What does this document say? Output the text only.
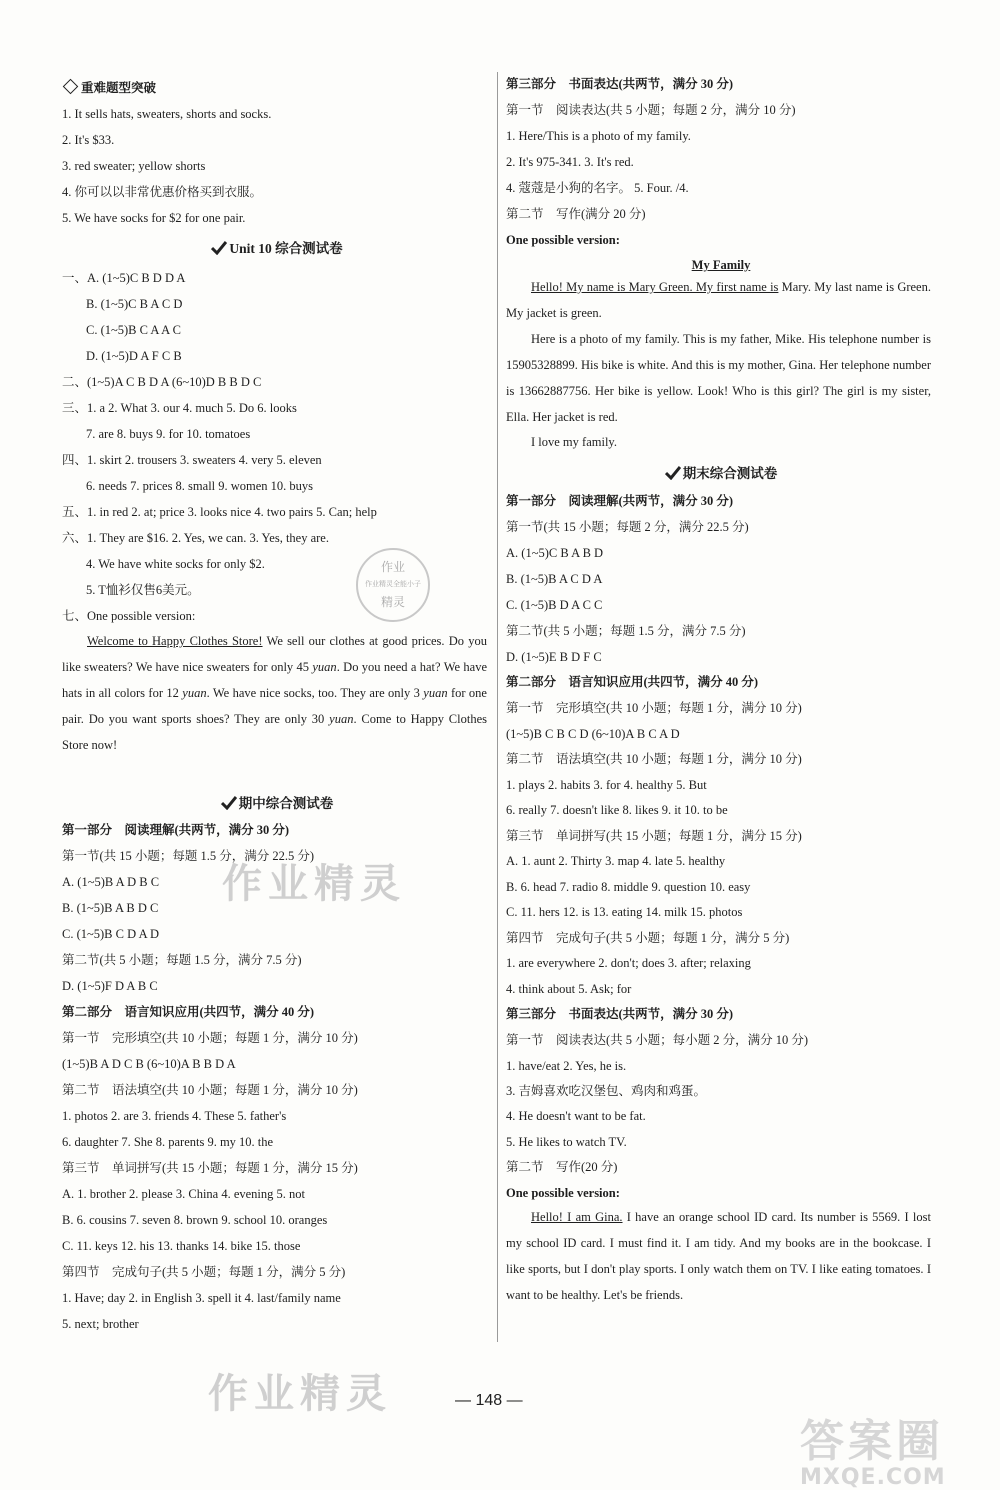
重难题型突破
1. It sells hats, sweaters, shorts and socks.
2. It's $33.
3. red sweater; yellow shorts
4. 你可以以非常优惠价格买到衣服。
5. We have socks for $2 for one pair.
Unit 10 综合测试卷
一、A. (1~5)C B D D A
B. (1~5)C B A C D
C. (1~5)B C A A C
D. (1~5)D A F C B
二、(1~5)A C B D A (6~10)D B B D C
三、1. a 2. What 3. our 4. much 5. Do 6. looks
7. are 8. buys 9. for 10. tomatoes
四、1. skirt 2. trousers 3. sweaters 4. very 5. eleven
6. needs 7. prices 8. small 9. women 10. buys
五、1. in red 2. at; price 3. looks nice 4. two pairs 5. Can; help
六、1. They are $16. 2. Yes, we can. 3. Yes, they are.
4. We have white socks for only $2.
5. T恤衫仅售6美元。
七、One possible version:

Welcome to Happy Clothes Store! We sell our clothes at good prices. Do you like sweaters? We have nice sweaters for only 45 yuan. Do you need a hat? We have hats in all colors for 12 yuan. We have nice socks, too. They are only 3 yuan for one pair. Do you want sports shoes? They are only 30 yuan. Come to Happy Clothes Store now!

期中综合测试卷
第一部分　阅读理解(共两节，满分 30 分)
第一节(共 15 小题；每题 1.5 分，满分 22.5 分)
A. (1~5)B A D B C
B. (1~5)B A B D C
C. (1~5)B C D A D
第二节(共 5 小题；每题 1.5 分，满分 7.5 分)
D. (1~5)F D A B C
第二部分　语言知识应用(共四节，满分 40 分)
第一节　完形填空(共 10 小题；每题 1 分，满分 10 分)
(1~5)B A D C B (6~10)A B B D A
第二节　语法填空(共 10 小题；每题 1 分，满分 10 分)
1. photos 2. are 3. friends 4. These 5. father's
6. daughter 7. She 8. parents 9. my 10. the
第三节　单词拼写(共 15 小题；每题 1 分，满分 15 分)
A. 1. brother 2. please 3. China 4. evening 5. not
B. 6. cousins 7. seven 8. brown 9. school 10. oranges
C. 11. keys 12. his 13. thanks 14. bike 15. those
第四节　完成句子(共 5 小题；每题 1 分，满分 5 分)
1. Have; day 2. in English 3. spell it 4. last/family name
5. next; brother
第三部分　书面表达(共两节，满分 30 分)
第一节　阅读表达(共 5 小题；每题 2 分，满分 10 分)
1. Here/This is a photo of my family.
2. It's 975-341. 3. It's red.
4. 蔻蔻是小狗的名字。 5. Four. /4.
第二节　写作(满分 20 分)
One possible version:
My Family

Hello! My name is Mary Green. My first name is Mary. My last name is Green. My jacket is green.

Here is a photo of my family. This is my father, Mike. His telephone number is 15905328899. His bike is white. And this is my mother, Gina. Her telephone number is 13662887756. Her bike is yellow. Look! Who is this girl? The girl is my sister, Ella. Her jacket is red.

I love my family.

期末综合测试卷
第一部分　阅读理解(共两节，满分 30 分)
第一节(共 15 小题；每题 2 分，满分 22.5 分)
A. (1~5)C B A B D
B. (1~5)B A C D A
C. (1~5)B D A C C
第二节(共 5 小题；每题 1.5 分，满分 7.5 分)
D. (1~5)E B D F C
第二部分　语言知识应用(共四节，满分 40 分)
第一节　完形填空(共 10 小题；每题 1 分，满分 10 分)
(1~5)B C B C D (6~10)A B C A D
第二节　语法填空(共 10 小题；每题 1 分，满分 10 分)
1. plays 2. habits 3. for 4. healthy 5. But
6. really 7. doesn't like 8. likes 9. it 10. to be
第三节　单词拼写(共 15 小题；每题 1 分，满分 15 分)
A. 1. aunt 2. Thirty 3. map 4. late 5. healthy
B. 6. head 7. radio 8. middle 9. question 10. easy
C. 11. hers 12. is 13. eating 14. milk 15. photos
第四节　完成句子(共 5 小题；每题 1 分，满分 5 分)
1. are everywhere 2. don't; does 3. after; relaxing
4. think about 5. Ask; for
第三部分　书面表达(共两节，满分 30 分)
第一节　阅读表达(共 5 小题；每小题 2 分，满分 10 分)
1. have/eat 2. Yes, he is.
3. 吉姆喜欢吃汉堡包、鸡肉和鸡蛋。
4. He doesn't want to be fat.
5. He likes to watch TV.
第二节　写作(20 分)
One possible version:

Hello! I am Gina. I have an orange school ID card. Its number is 5569. I lost my school ID card. I must find it. I am tidy. And my books are in the bookcase. I like sports, but I don't play sports. I only watch them on TV. I like eating tomatoes. I want to be healthy. Let's be friends.

作业精灵
作业精灵
作业
作业精灵全能小子
精灵
答案圈
MXQE.COM
— 148 —
